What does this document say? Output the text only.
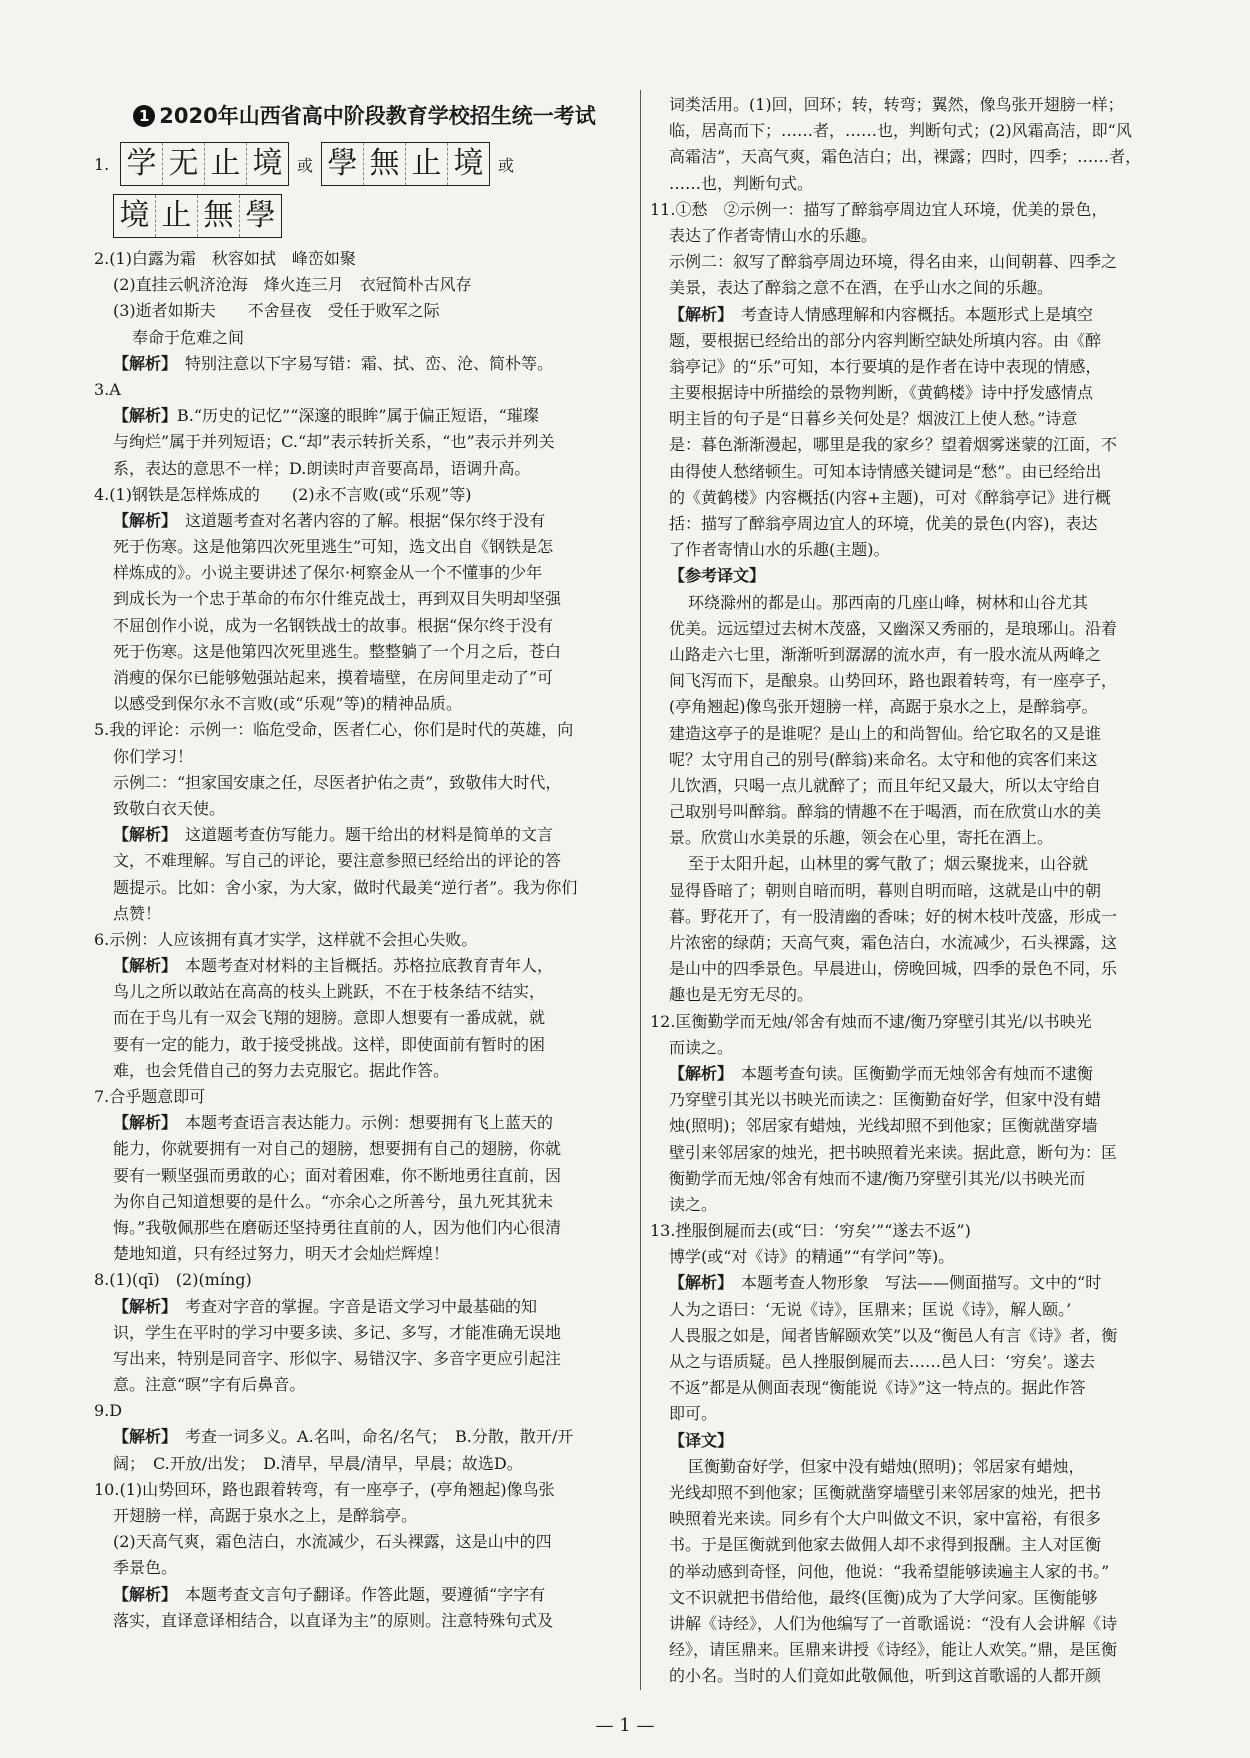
1 2020年山西省高中阶段教育学校招生统一考试
1. 学 无 止 境 或 學 無 止 境 或
境 止 無 學
2.(1)白露为霜　秋容如拭　峰峦如聚
(2)直挂云帆济沧海　烽火连三月　衣冠简朴古风存
(3)逝者如斯夫　　不舍昼夜　受任于败军之际
奉命于危难之间
【解析】　特别注意以下字易写错：霜、拭、峦、沧、简朴等。
3.A
【解析】B.“历史的记忆”“深邃的眼眸”属于偏正短语，“璀璨
与绚烂”属于并列短语；C.“却”表示转折关系，“也”表示并列关
系，表达的意思不一样；D.朗读时声音要高昂，语调升高。
4.(1)钢铁是怎样炼成的　　(2)永不言败(或“乐观”等)
【解析】　这道题考查对名著内容的了解。根据“保尔终于没有
死于伤寒。这是他第四次死里逃生”可知，选文出自《钢铁是怎
样炼成的》。小说主要讲述了保尔·柯察金从一个不懂事的少年
到成长为一个忠于革命的布尔什维克战士，再到双目失明却坚强
不屈创作小说，成为一名钢铁战士的故事。根据“保尔终于没有
死于伤寒。这是他第四次死里逃生。整整躺了一个月之后，苍白
消瘦的保尔已能够勉强站起来，摸着墙壁，在房间里走动了”可
以感受到保尔永不言败(或“乐观”等)的精神品质。
5.我的评论：示例一：临危受命，医者仁心，你们是时代的英雄，向
你们学习！
示例二：“担家国安康之任，尽医者护佑之责”，致敬伟大时代，
致敬白衣天使。
【解析】　这道题考查仿写能力。题干给出的材料是简单的文言
文，不难理解。写自己的评论，要注意参照已经给出的评论的答
题提示。比如：舍小家，为大家，做时代最美“逆行者”。我为你们
点赞！
6.示例：人应该拥有真才实学，这样就不会担心失败。
【解析】　本题考查对材料的主旨概括。苏格拉底教育青年人，
鸟儿之所以敢站在高高的枝头上跳跃，不在于枝条结不结实，
而在于鸟儿有一双会飞翔的翅膀。意即人想要有一番成就，就
要有一定的能力，敢于接受挑战。这样，即使面前有暂时的困
难，也会凭借自己的努力去克服它。据此作答。
7.合乎题意即可
【解析】　本题考查语言表达能力。示例：想要拥有飞上蓝天的
能力，你就要拥有一对自己的翅膀，想要拥有自己的翅膀，你就
要有一颗坚强而勇敢的心；面对着困难，你不断地勇往直前，因
为你自己知道想要的是什么。“亦余心之所善兮，虽九死其犹未
悔。”我敬佩那些在磨砺还坚持勇往直前的人，因为他们内心很清
楚地知道，只有经过努力，明天才会灿烂辉煌！
8.(1)(qī)　(2)(míng)
【解析】　考查对字音的掌握。字音是语文学习中最基础的知
识，学生在平时的学习中要多读、多记、多写，才能准确无误地
写出来，特别是同音字、形似字、易错汉字、多音字更应引起注
意。注意“暝”字有后鼻音。
9.D
【解析】　考查一词多义。A.名叫，命名/名气；　B.分散，散开/开
阔；　C.开放/出发；　D.清早，早晨/清早，早晨；故选D。
10.(1)山势回环，路也跟着转弯，有一座亭子，(亭角翘起)像鸟张
开翅膀一样，高踞于泉水之上，是醉翁亭。
(2)天高气爽，霜色洁白，水流减少，石头裸露，这是山中的四
季景色。
【解析】　本题考查文言句子翻译。作答此题，要遵循“字字有
落实，直译意译相结合，以直译为主”的原则。注意特殊句式及
词类活用。(1)回，回环；转，转弯；翼然，像鸟张开翅膀一样；
临，居高而下；……者，……也，判断句式；(2)风霜高洁，即“风
高霜洁”，天高气爽，霜色洁白；出，裸露；四时，四季；……者，
……也，判断句式。
11.①愁　②示例一：描写了醉翁亭周边宜人环境，优美的景色，
表达了作者寄情山水的乐趣。
示例二：叙写了醉翁亭周边环境，得名由来，山间朝暮、四季之
美景，表达了醉翁之意不在酒，在乎山水之间的乐趣。
【解析】　考查诗人情感理解和内容概括。本题形式上是填空
题，要根据已经给出的部分内容判断空缺处所填内容。由《醉
翁亭记》的“乐”可知，本行要填的是作者在诗中表现的情感，
主要根据诗中所描绘的景物判断，《黄鹤楼》诗中抒发感情点
明主旨的句子是“日暮乡关何处是？烟波江上使人愁。”诗意
是：暮色渐渐漫起，哪里是我的家乡？望着烟雾迷蒙的江面，不
由得使人愁绪顿生。可知本诗情感关键词是“愁”。由已经给出
的《黄鹤楼》内容概括(内容+主题)，可对《醉翁亭记》进行概
括：描写了醉翁亭周边宜人的环境，优美的景色(内容)，表达
了作者寄情山水的乐趣(主题)。
【参考译文】
环绕滁州的都是山。那西南的几座山峰，树林和山谷尤其
优美。远远望过去树木茂盛，又幽深又秀丽的，是琅琊山。沿着
山路走六七里，渐渐听到潺潺的流水声，有一股水流从两峰之
间飞泻而下，是酿泉。山势回环，路也跟着转弯，有一座亭子，
(亭角翘起)像鸟张开翅膀一样，高踞于泉水之上，是醉翁亭。
建造这亭子的是谁呢？是山上的和尚智仙。给它取名的又是谁
呢？太守用自己的别号(醉翁)来命名。太守和他的宾客们来这
儿饮酒，只喝一点儿就醉了；而且年纪又最大，所以太守给自
己取别号叫醉翁。醉翁的情趣不在于喝酒，而在欣赏山水的美
景。欣赏山水美景的乐趣，领会在心里，寄托在酒上。
至于太阳升起，山林里的雾气散了；烟云聚拢来，山谷就
显得昏暗了；朝则自暗而明，暮则自明而暗，这就是山中的朝
暮。野花开了，有一股清幽的香味；好的树木枝叶茂盛，形成一
片浓密的绿荫；天高气爽，霜色洁白，水流减少，石头裸露，这
是山中的四季景色。早晨进山，傍晚回城，四季的景色不同，乐
趣也是无穷无尽的。
12.匡衡勤学而无烛/邻舍有烛而不逮/衡乃穿壁引其光/以书映光
而读之。
【解析】　本题考查句读。匡衡勤学而无烛邻舍有烛而不逮衡
乃穿壁引其光以书映光而读之：匡衡勤奋好学，但家中没有蜡
烛(照明)；邻居家有蜡烛，光线却照不到他家；匡衡就凿穿墙
壁引来邻居家的烛光，把书映照着光来读。据此意，断句为：匡
衡勤学而无烛/邻舍有烛而不逮/衡乃穿壁引其光/以书映光而
读之。
13.挫服倒屣而去(或“曰：‘穷矣’”“遂去不返”)
博学(或“对《诗》的精通”“有学问”等)。
【解析】　本题考查人物形象　写法——侧面描写。文中的“时
人为之语曰：‘无说《诗》，匡鼎来；匡说《诗》，解人颐。’
人畏服之如是，闻者皆解颐欢笑”以及“衡邑人有言《诗》者，衡
从之与语质疑。邑人挫服倒屣而去……邑人曰：‘穷矣’。遂去
不返”都是从侧面表现“衡能说《诗》”这一特点的。据此作答
即可。
【译文】
匡衡勤奋好学，但家中没有蜡烛(照明)；邻居家有蜡烛，
光线却照不到他家；匡衡就凿穿墙壁引来邻居家的烛光，把书
映照着光来读。同乡有个大户叫做文不识，家中富裕，有很多
书。于是匡衡就到他家去做佣人却不求得到报酬。主人对匡衡
的举动感到奇怪，问他，他说：“我希望能够读遍主人家的书。”
文不识就把书借给他，最终(匡衡)成为了大学问家。匡衡能够
讲解《诗经》，人们为他编写了一首歌谣说：“没有人会讲解《诗
经》，请匡鼎来。匡鼎来讲授《诗经》，能让人欢笑。”鼎，是匡衡
的小名。当时的人们竟如此敬佩他，听到这首歌谣的人都开颜
— 1 —
